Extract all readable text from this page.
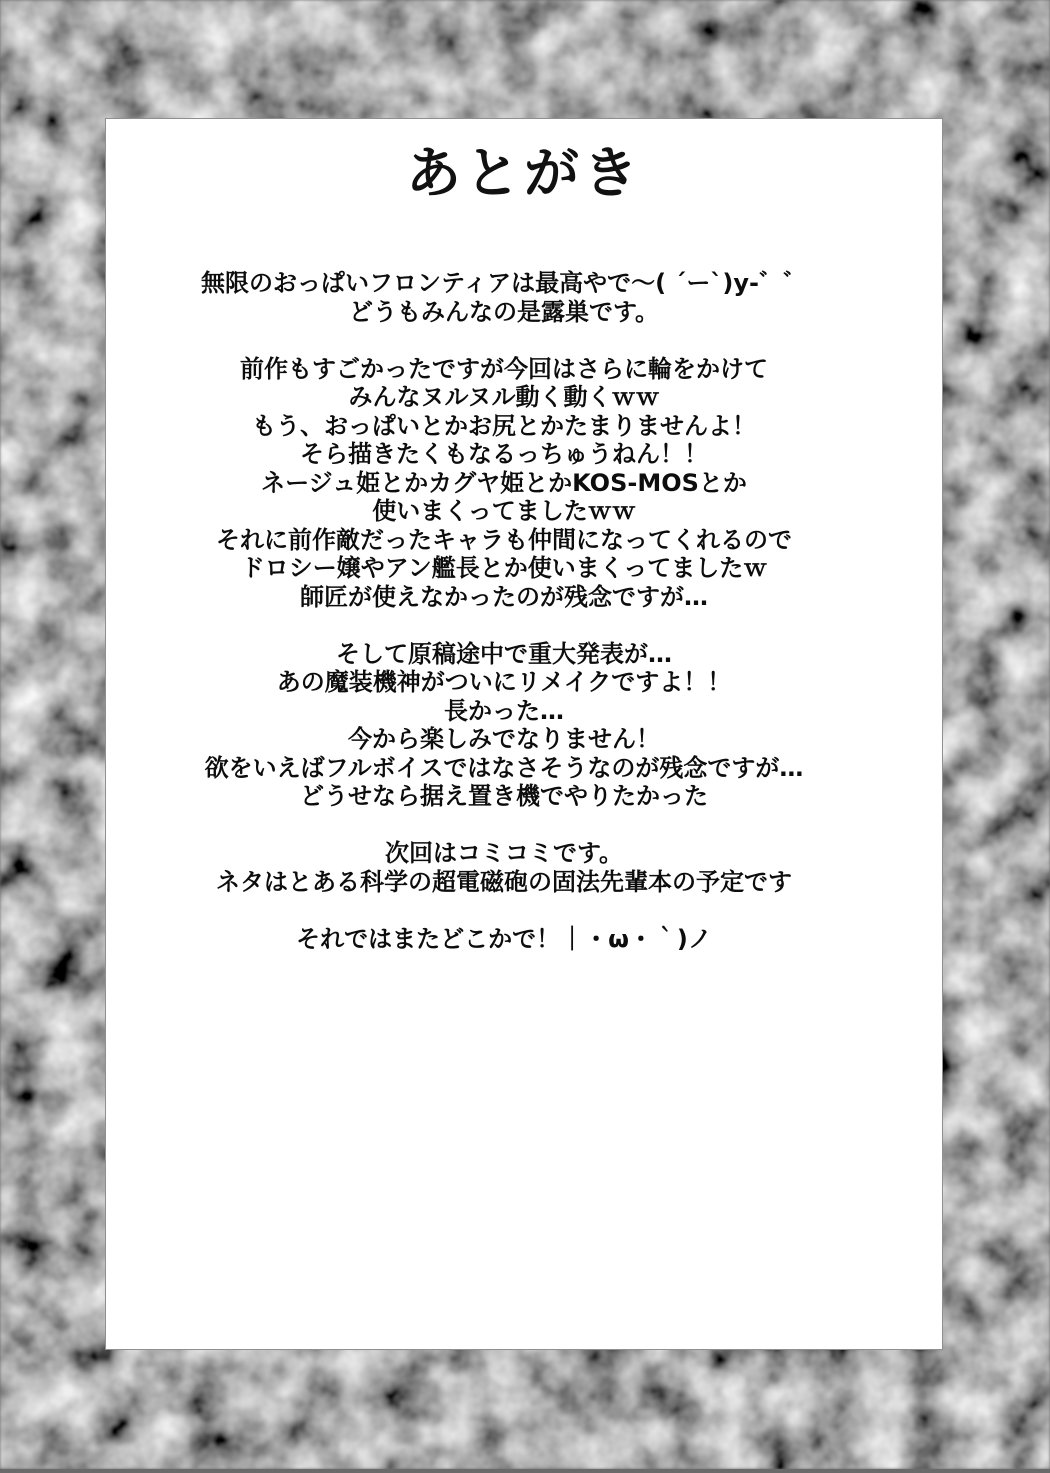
あとがき
無限のおっぱいフロンティアは最高やで～( ´ー`)y-゛゛
どうもみんなの是露巣です。
前作もすごかったですが今回はさらに輪をかけて
みんなヌルヌル動く動くｗｗ
もう、おっぱいとかお尻とかたまりませんよ！
そら描きたくもなるっちゅうねん！！
ネージュ姫とかカグヤ姫とかKOS-MOSとか
使いまくってましたｗｗ
それに前作敵だったキャラも仲間になってくれるので
ドロシー嬢やアン艦長とか使いまくってましたｗ
師匠が使えなかったのが残念ですが…
そして原稿途中で重大発表が…
あの魔装機神がついにリメイクですよ！！
長かった…
今から楽しみでなりません！
欲をいえばフルボイスではなさそうなのが残念ですが…
どうせなら据え置き機でやりたかった
次回はコミコミです。
ネタはとある科学の超電磁砲の固法先輩本の予定です
それではまたどこかで！｜・ω・｀)ノ
